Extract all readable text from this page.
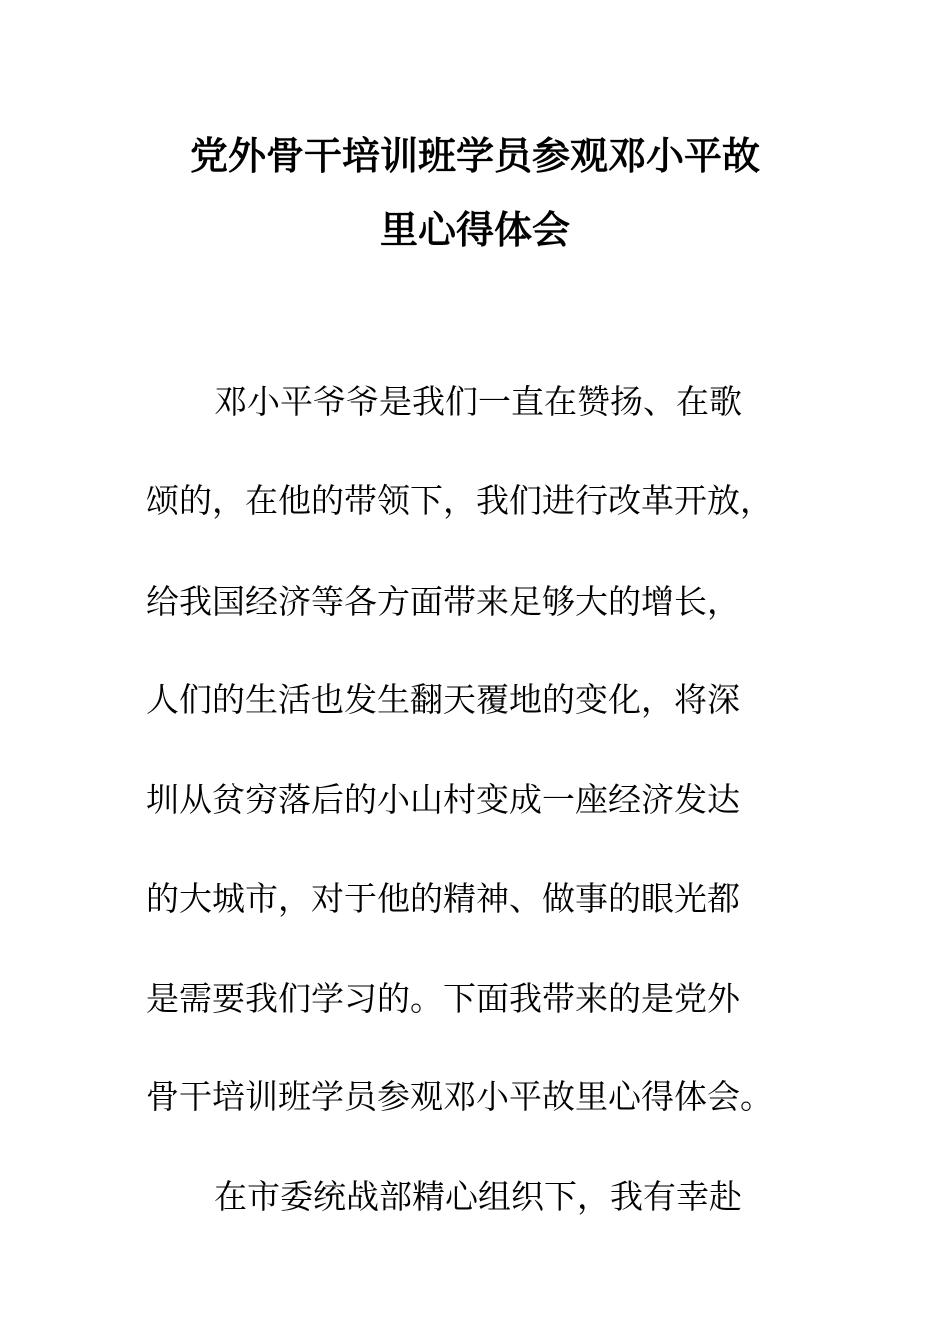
党外骨干培训班学员参观邓小平故
里心得体会
邓小平爷爷是我们一直在赞扬、在歌
颂的，在他的带领下，我们进行改革开放，
给我国经济等各方面带来足够大的增长，
人们的生活也发生翻天覆地的变化，将深
圳从贫穷落后的小山村变成一座经济发达
的大城市，对于他的精神、做事的眼光都
是需要我们学习的。下面我带来的是党外
骨干培训班学员参观邓小平故里心得体会。
在市委统战部精心组织下，我有幸赴
